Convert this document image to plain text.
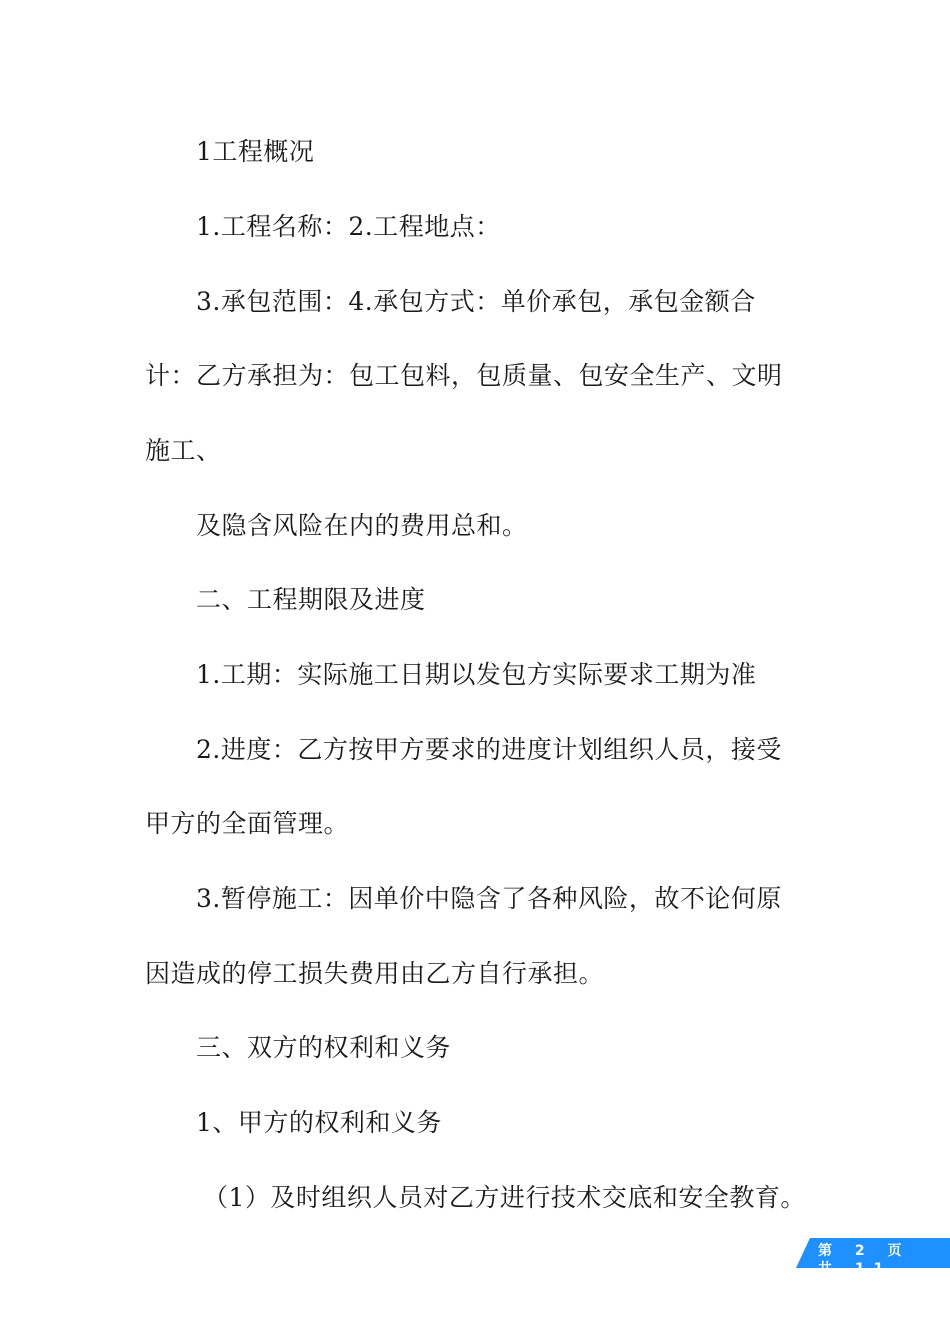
1工程概况
1.工程名称：2.工程地点：
3.承包范围：4.承包方式：单价承包，承包金额合
计：乙方承担为：包工包料，包质量、包安全生产、文明
施工、
及隐含风险在内的费用总和。
二、工程期限及进度
1.工期：实际施工日期以发包方实际要求工期为准
2.进度：乙方按甲方要求的进度计划组织人员，接受
甲方的全面管理。
3.暂停施工：因单价中隐含了各种风险，故不论何原
因造成的停工损失费用由乙方自行承担。
三、双方的权利和义务
1、甲方的权利和义务
（1）及时组织人员对乙方进行技术交底和安全教育。
第 2 页 共 11 页
